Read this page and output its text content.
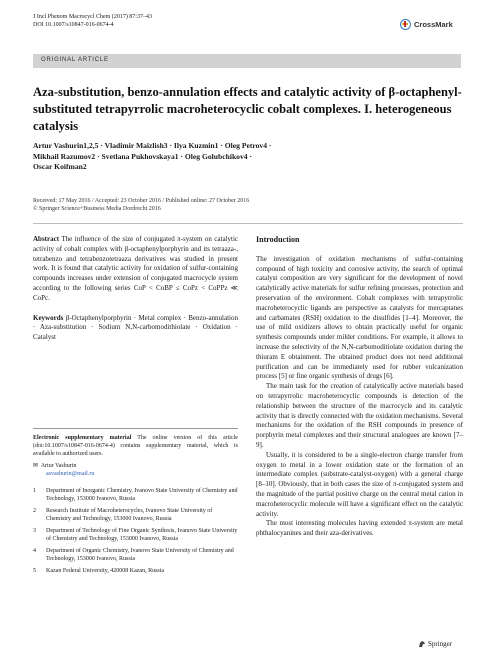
J Incl Phenom Macrocycl Chem (2017) 87:37–43
DOI 10.1007/s10847-016-0674-4	CrossMark
ORIGINAL ARTICLE
Aza-substitution, benzo-annulation effects and catalytic activity of β-octaphenyl-substituted tetrapyrrolic macroheterocyclic cobalt complexes. I. heterogeneous catalysis
Artur Vashurin1,2,5 · Vladimir Maizlish3 · Ilya Kuzmin1 · Oleg Petrov4 ·
Mikhail Razumov2 · Svetlana Pukhovskaya1 · Oleg Golubchikov4 ·
Oscar Koifman2
Received: 17 May 2016 / Accepted: 23 October 2016 / Published online: 27 October 2016
© Springer Science+Business Media Dordrecht 2016

Abstract The influence of the size of conjugated π-system on catalytic activity of cobalt complex with β-octaphenylporphyrin and its tetraaza-, tetrabenzo and tetrabenzotetraaza derivatives was studied in present work. It is found that catalytic activity for oxidation of sulfur-containing compounds increases under extension of conjugated macrocycle system according to the following series CoP < CoBP ≤ CoPz < CoPPz ≪ CoPc.

Keywords β-Octaphenylporphyrin · Metal complex · Benzo-annulation · Aza-substitution · Sodium N,N-carbomodithiolate · Oxidation · Catalyst

Electronic supplementary material The online version of this article (doi:10.1007/s10847-016-0674-4) contains supplementary material, which is available to authorized users.
✉ Artur Vashurin
asvashurin@mail.ru
1	Department of Inorganic Chemistry, Ivanovo State University of Chemistry and Technology, 153000 Ivanovo, Russia
2	Research Institute of Macroheterocycles, Ivanovo State University of Chemistry and Technology, 153000 Ivanovo, Russia
3	Department of Technology of Fine Organic Synthesis, Ivanovo State University of Chemistry and Technology, 153000 Ivanovo, Russia
4	Department of Organic Chemistry, Ivanovo State University of Chemistry and Technology, 153000 Ivanovo, Russia
5	Kazan Federal University, 420008 Kazan, Russia
Introduction

The investigation of oxidation mechanisms of sulfur-containing compound of high toxicity and corrosive activity, the search of optimal catalyst composition are very significant for the development of novel catalytically active materials for sulfur refining processes, protection and preservation of the environment. Cobalt complexes with tetrapyrrolic macroheterocyclic ligands are perspective as catalysts for mercaptanes and carbamates (RSH) oxidation to the disulfides [1–4]. Moreover, the use of mild oxidizers allows to obtain practically useful for organic synthesis compounds under milder conditions. For example, it allows to increase the selectivity of the N,N-carbomoditiolate oxidation during the thiuram E obtainment. The obtained product does not need additional purification and can be immediately used for rubber vulcanization process [5] or fine organic synthesis of drugs [6].

The main task for the creation of catalytically active materials based on tetrapyrrolic macroheterocyclic compounds is detection of the relationship between the structure of the macrocycle and its catalytic activity that is directly connected with the oxidation mechanisms. Several mechanisms for the oxidation of the RSH compounds in presence of porphyrin metal complexes and their structural analogues are known [7–9].

Usually, it is considered to be a single-electron charge transfer from oxygen to metal in a lower oxidation state or the formation of an intermediate complex (substrate-catalyst-oxygen) with a general charge [8–10]. Obviously, that in both cases the size of π-conjugated system and the magnitude of the partial positive charge on the central metal cation in macroheterocyclic molecule will have a significant effect on the catalytic activity.

The most interesting molecules having extended π-system are metal phthalocyanines and their aza-derivatives.

Springer
